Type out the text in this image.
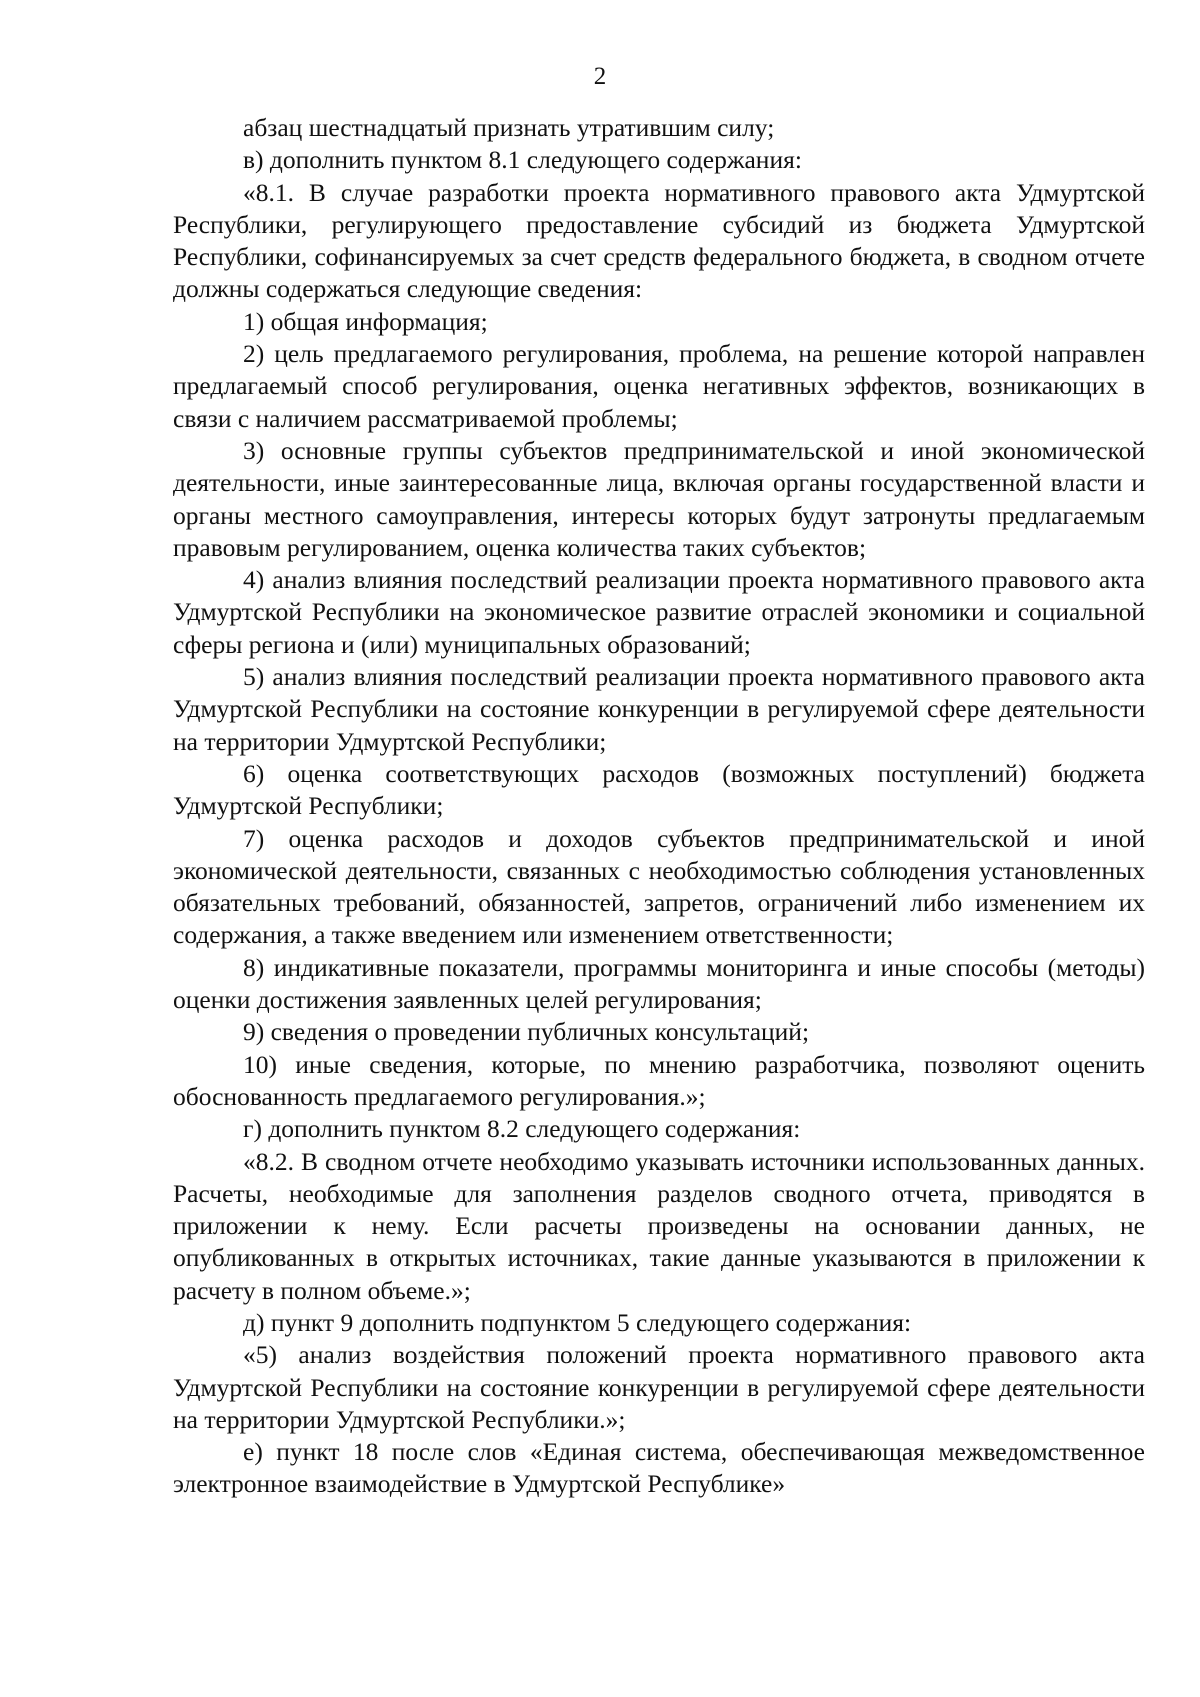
2

абзац шестнадцатый признать утратившим силу;

в) дополнить пунктом 8.1 следующего содержания:

«8.1. В случае разработки проекта нормативного правового акта Удмуртской Республики, регулирующего предоставление субсидий из бюджета Удмуртской Республики, софинансируемых за счет средств федерального бюджета, в сводном отчете должны содержаться следующие сведения:

1) общая информация;

2) цель предлагаемого регулирования, проблема, на решение которой направлен предлагаемый способ регулирования, оценка негативных эффектов, возникающих в связи с наличием рассматриваемой проблемы;

3) основные группы субъектов предпринимательской и иной экономической деятельности, иные заинтересованные лица, включая органы государственной власти и органы местного самоуправления, интересы которых будут затронуты предлагаемым правовым регулированием, оценка количества таких субъектов;

4) анализ влияния последствий реализации проекта нормативного правового акта Удмуртской Республики на экономическое развитие отраслей экономики и социальной сферы региона и (или) муниципальных образований;

5) анализ влияния последствий реализации проекта нормативного правового акта Удмуртской Республики на состояние конкуренции в регулируемой сфере деятельности на территории Удмуртской Республики;

6) оценка соответствующих расходов (возможных поступлений) бюджета Удмуртской Республики;

7) оценка расходов и доходов субъектов предпринимательской и иной экономической деятельности, связанных с необходимостью соблюдения установленных обязательных требований, обязанностей, запретов, ограничений либо изменением их содержания, а также введением или изменением ответственности;

8) индикативные показатели, программы мониторинга и иные способы (методы) оценки достижения заявленных целей регулирования;

9) сведения о проведении публичных консультаций;

10) иные сведения, которые, по мнению разработчика, позволяют оценить обоснованность предлагаемого регулирования.»;

г) дополнить пунктом 8.2 следующего содержания:

«8.2. В сводном отчете необходимо указывать источники использованных данных. Расчеты, необходимые для заполнения разделов сводного отчета, приводятся в приложении к нему. Если расчеты произведены на основании данных, не опубликованных в открытых источниках, такие данные указываются в приложении к расчету в полном объеме.»;

д) пункт 9 дополнить подпунктом 5 следующего содержания:

«5) анализ воздействия положений проекта нормативного правового акта Удмуртской Республики на состояние конкуренции в регулируемой сфере деятельности на территории Удмуртской Республики.»;

е) пункт 18 после слов «Единая система, обеспечивающая межведомственное электронное взаимодействие в Удмуртской Республике»
